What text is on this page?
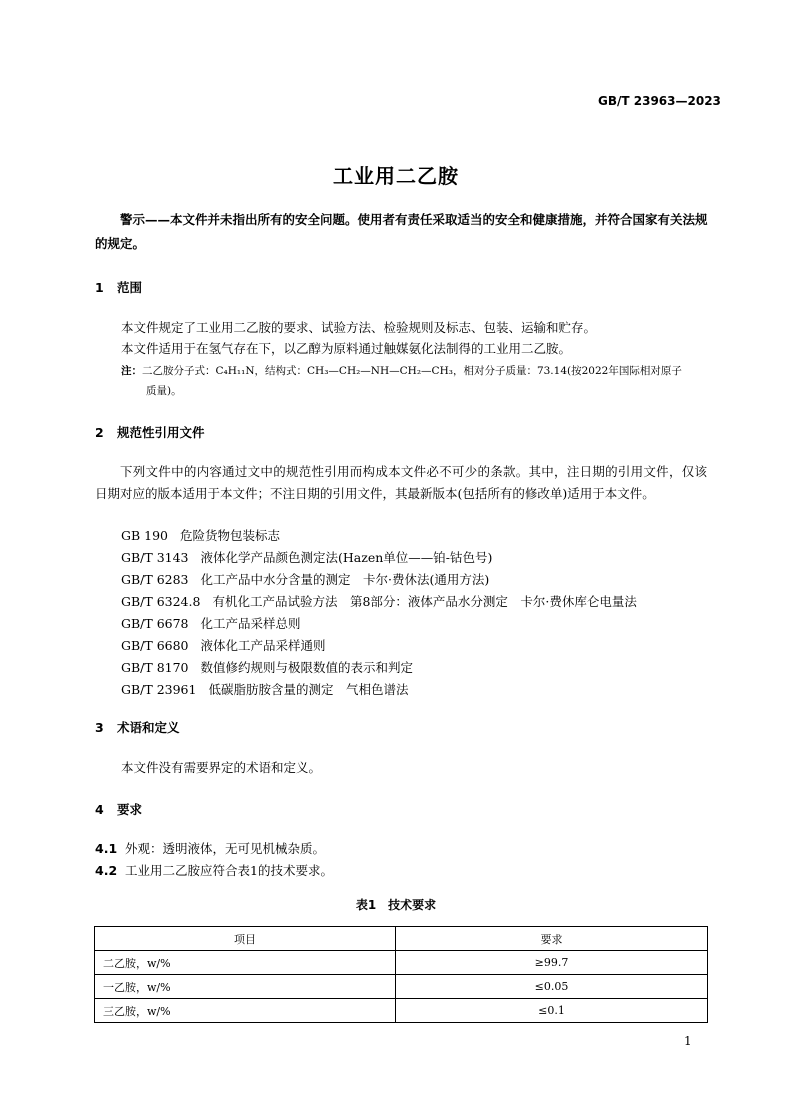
GB/T 23963—2023
工业用二乙胺
警示——本文件并未指出所有的安全问题。使用者有责任采取适当的安全和健康措施，并符合国家有关法规的规定。
1 范围
本文件规定了工业用二乙胺的要求、试验方法、检验规则及标志、包装、运输和贮存。
本文件适用于在氢气存在下，以乙醇为原料通过触媒氨化法制得的工业用二乙胺。
注：二乙胺分子式：C₄H₁₁N，结构式：CH₃—CH₂—NH—CH₂—CH₃，相对分子质量：73.14(按2022年国际相对原子
质量)。
2 规范性引用文件
下列文件中的内容通过文中的规范性引用而构成本文件必不可少的条款。其中，注日期的引用文件，仅该日期对应的版本适用于本文件；不注日期的引用文件，其最新版本(包括所有的修改单)适用于本文件。
GB 190 危险货物包装标志
GB/T 3143 液体化学产品颜色测定法(Hazen单位——铂-钴色号)
GB/T 6283 化工产品中水分含量的测定　卡尔·费休法(通用方法)
GB/T 6324.8 有机化工产品试验方法　第8部分：液体产品水分测定　卡尔·费休库仑电量法
GB/T 6678 化工产品采样总则
GB/T 6680 液体化工产品采样通则
GB/T 8170 数值修约规则与极限数值的表示和判定
GB/T 23961 低碳脂肪胺含量的测定　气相色谱法
3 术语和定义
本文件没有需要界定的术语和定义。
4 要求
4.1 外观：透明液体，无可见机械杂质。
4.2 工业用二乙胺应符合表1的技术要求。
表1　技术要求
项目	要求
二乙胺，w/%	≥99.7
一乙胺，w/%	≤0.05
三乙胺，w/%	≤0.1
1
